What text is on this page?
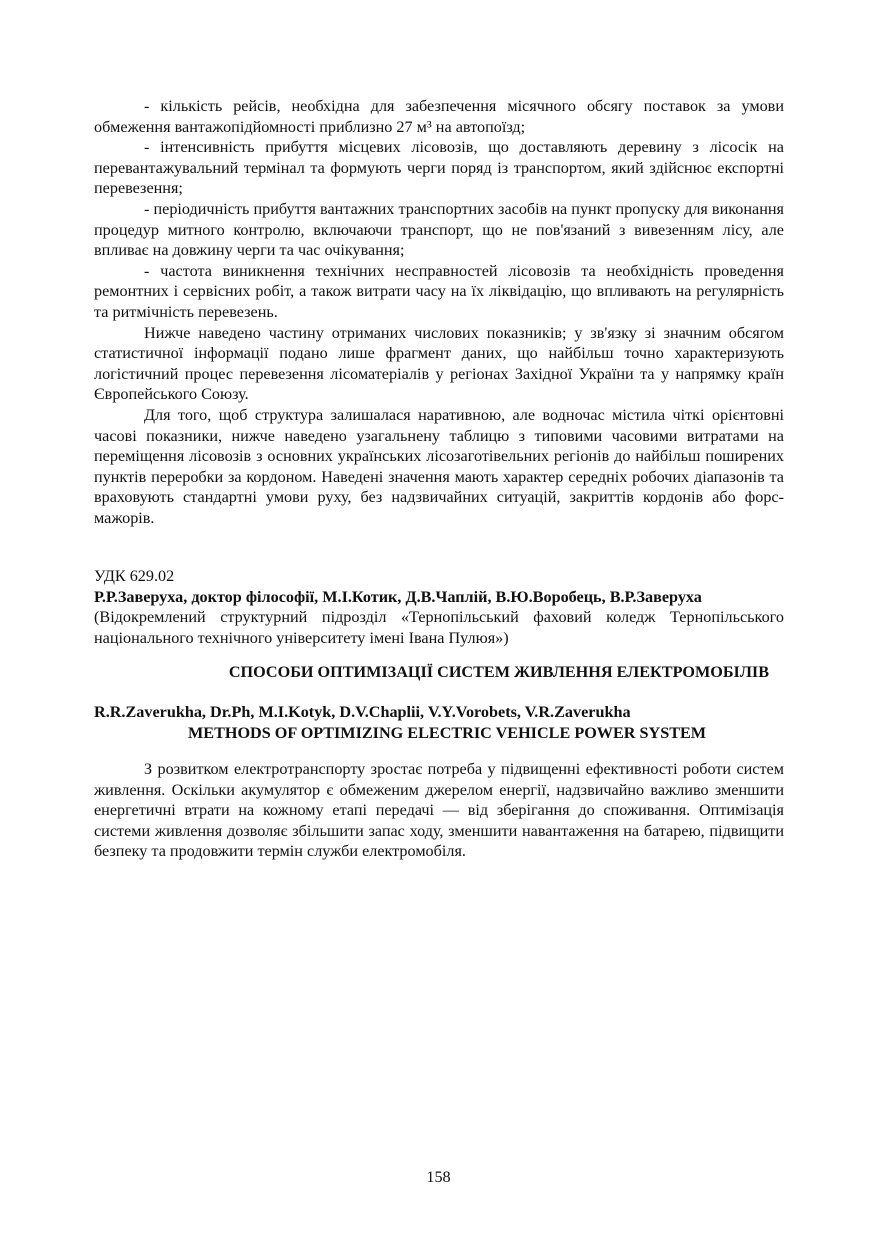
- кількість рейсів, необхідна для забезпечення місячного обсягу поставок за умови обмеження вантажопідйомності приблизно 27 м³ на автопоїзд;

- інтенсивність прибуття місцевих лісовозів, що доставляють деревину з лісосік на перевантажувальний термінал та формують черги поряд із транспортом, який здійснює експортні перевезення;

- періодичність прибуття вантажних транспортних засобів на пункт пропуску для виконання процедур митного контролю, включаючи транспорт, що не пов'язаний з вивезенням лісу, але впливає на довжину черги та час очікування;

- частота виникнення технічних несправностей лісовозів та необхідність проведення ремонтних і сервісних робіт, а також витрати часу на їх ліквідацію, що впливають на регулярність та ритмічність перевезень.

Нижче наведено частину отриманих числових показників; у зв'язку зі значним обсягом статистичної інформації подано лише фрагмент даних, що найбільш точно характеризують логістичний процес перевезення лісоматеріалів у регіонах Західної України та у напрямку країн Європейського Союзу.

Для того, щоб структура залишалася наративною, але водночас містила чіткі орієнтовні часові показники, нижче наведено узагальнену таблицю з типовими часовими витратами на переміщення лісовозів з основних українських лісозаготівельних регіонів до найбільш поширених пунктів переробки за кордоном. Наведені значення мають характер середніх робочих діапазонів та враховують стандартні умови руху, без надзвичайних ситуацій, закриттів кордонів або форс-мажорів.

УДК 629.02
Р.Р.Заверуха, доктор філософії, М.І.Котик, Д.В.Чаплій, В.Ю.Воробець, В.Р.Заверуха
(Відокремлений структурний підрозділ «Тернопільський фаховий коледж Тернопільського національного технічного університету імені Івана Пулюя»)
СПОСОБИ ОПТИМІЗАЦІЇ СИСТЕМ ЖИВЛЕННЯ ЕЛЕКТРОМОБІЛІВ
R.R.Zaverukha, Dr.Ph, M.I.Kotyk, D.V.Chaplii, V.Y.Vorobets, V.R.Zaverukha
METHODS OF OPTIMIZING ELECTRIC VEHICLE POWER SYSTEM

З розвитком електротранспорту зростає потреба у підвищенні ефективності роботи систем живлення. Оскільки акумулятор є обмеженим джерелом енергії, надзвичайно важливо зменшити енергетичні втрати на кожному етапі передачі — від зберігання до споживання. Оптимізація системи живлення дозволяє збільшити запас ходу, зменшити навантаження на батарею, підвищити безпеку та продовжити термін служби електромобіля.

158
